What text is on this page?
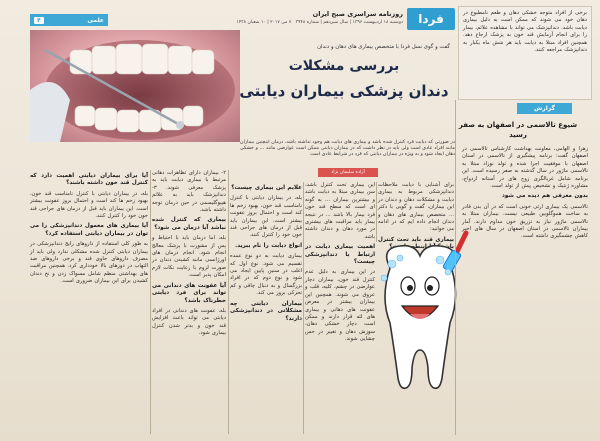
فردا
روزنامه سراسری صبح ایران
دوشنبه ۱۸ اردیبهشت ۱۳۹۶ | سال سیزدهم | شماره ۳۹۴۸   ۷ می ۲۰۱۷ | ۱۰ شعبان ۱۴۳۸
علمی
۴
گفت و گوی نسل فردا با متخصص بیماری های دهان و دندان
بررسی مشکلات
دندان پزشکی بیماران دیابتی
در صورتی که دیابت فرد کنترل شده باشد و بیماری های دیابت هم وجود نداشته باشد، درمان اینچنین بیماران مانند افراد عادی است ولی باید در نظر داشت که در بیماران دیابتی ممکن است عوارضی مانند ... و خشکی دهان ایجاد شود و به ویژه در بیماران دیابتی که فرد در شرایط عادی است
آزاده سلیمان نژاد
برای آشنایی با دیابت ملاحظات دندانپزشکی مربوط به بیماری دیابت و مشکلات دهان و دندان در این بیماران، گفت و گویی با دکتر ... متخصص بیماری های دهان و دندان انجام داده ایم که در ادامه می خوانید:
بیماری قند باید تحت کنترل باشد؟ آیا اینطور است؟
این بیماری تحت کنترل باشد، سن بیماری مبتلا به دیابت باشد و بیشترین بیماران ... به گونه ای است که سطح قند خون فرد بیمار بالا باشد ... در نتیجه بیمار باید مراقبت های بیشتری در مورد دهان و دندان داشته باشد.
اهمیت بیماری دیابت در ارتباط با دندانپزشکی چیست؟
در این بیماری به دلیل عدم کنترل قند خون، بیماران دچار عوارضی در چشم، کلیه، قلب و عروق می شوند. همچنین این بیماران بیشتر در معرض عفونت های دهانی و بیماری های لثه قرار دارند و ممکن است دچار خشکی دهان، سوزش دهان و تغییر در حس چشایی شوند.
علایم این بیماری چیست؟
بله، در بیماران دیابتی با کنترل نامناسب قند خون، بهبود زخم ها کند است و احتمال بروز عفونت بیشتر است. این بیماران باید قبل از درمان های جراحی قند خون خود را کنترل کنند.
انواع دیابت را نام ببرید.
بیماری دیابت به دو نوع عمده تقسیم می شود. نوع اول که اغلب در سنین پایین ایجاد می شود و نوع دوم که در افراد بزرگسال و به دنبال چاقی و کم تحرکی بروز می کند.
بیماران دیابتی چه مشکلاتی در دندانپزشکی دارند؟
۲- بیماران دارای تظاهرات دهانی مرتبط با بیماری دیابت باید به پزشک معرفی شوند. ۳- دندانپزشک باید به علائم هیپوگلیسمی در حین درمان توجه داشته باشد.
بیماری که کنترل شده نباشد آیا درمان می شود؟
بله، اما درمان باید با احتیاط و پس از مشورت با پزشک معالج انجام شود. انجام درمان های اورژانسی مانند کشیدن دندان در صورت لزوم با رعایت نکات لازم امکان پذیر است.
آیا عفونت های دندانی می تواند برای فرد دیابتی خطرناک باشد؟
بله، عفونت های دندانی در افراد دیابتی می تواند باعث افزایش قند خون و بدتر شدن کنترل بیماری شود.
آیا برای بیماران دیابتی اهمیت دارد که کنترل قند خون داشته باشند؟
بله، در بیماران دیابتی با کنترل نامناسب قند خون، بهبود زخم ها کند است و احتمال بروز عفونت بیشتر است. این بیماران باید قبل از درمان های جراحی قند خون خود را کنترل کنند.
آیا بیماری های معمول دندانپزشکی را می توان در بیماران دیابتی استفاده کرد؟
به طور کلی استفاده از داروهای رایج دندانپزشکی در بیماران دیابتی کنترل شده مشکلی ندارد ولی باید از مصرف داروهای حاوی قند و برخی داروهای ضد التهاب در دوزهای بالا خودداری کرد. همچنین مراقبت های بهداشتی منظم شامل مسواک زدن و نخ دندان کشیدن برای این بیماران ضروری است.
برخی از افراد متوجه خشکی دهان و طعم نامطبوع در دهان خود می شوند که ممکن است به دلیل بیماری دیابت باشد. دندانپزشک می تواند با مشاهده علائم، بیمار را برای انجام آزمایش قند خون به پزشک ارجاع دهد. همچنین افراد مبتلا به دیابت باید هر شش ماه یکبار به دندانپزشک مراجعه کنند.
گزارش
شیوع تالاسمی در اصفهان به صفر رسید
زهرا و الهامی، معاونت بهداشت کارشناس تالاسمی در اصفهان گفت: برنامه پیشگیری از تالاسمی در استان اصفهان با موفقیت اجرا شده و تولد نوزاد مبتلا به تالاسمی ماژور در سال گذشته به صفر رسیده است. این برنامه شامل غربالگری زوج های در آستانه ازدواج، مشاوره ژنتیک و تشخیص پیش از تولد است.
بدون معرفی هم دیده می شود
تالاسمی یک بیماری ارثی خونی است که در آن بدن قادر به ساخت هموگلوبین طبیعی نیست. بیماران مبتلا به تالاسمی ماژور نیاز به تزریق خون مداوم دارند. آمار بیماران تالاسمی در استان اصفهان در سال های اخیر کاهش چشمگیری داشته است.
